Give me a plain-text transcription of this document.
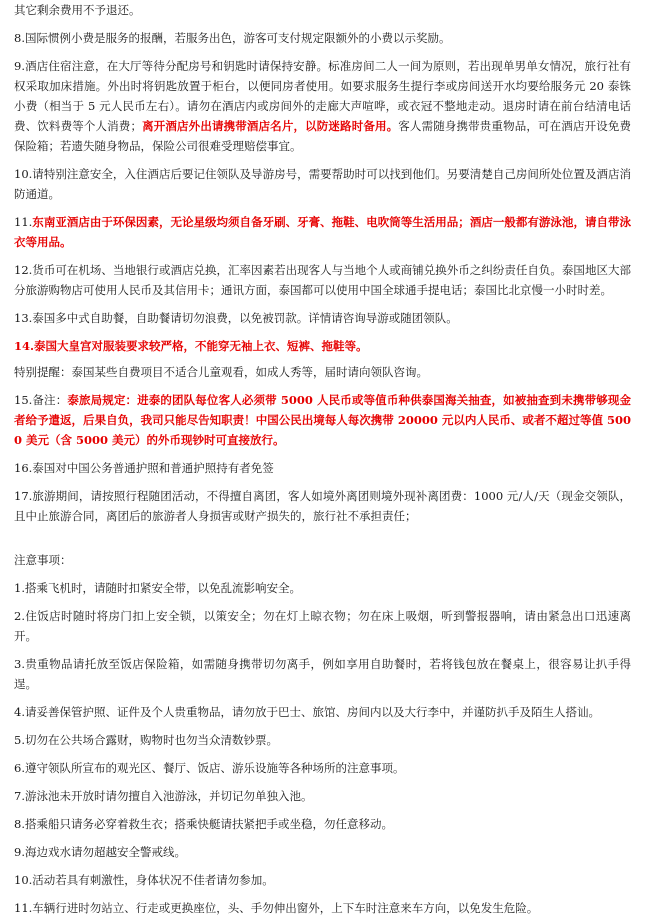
其它剩余费用不予退还。

8.国际惯例小费是服务的报酬，若服务出色，游客可支付规定限额外的小费以示奖励。

9.酒店住宿注意，在大厅等待分配房号和钥匙时请保持安静。标准房间二人一间为原则，若出现单男单女情况，旅行社有权采取加床措施。外出时将钥匙放置于柜台，以便同房者使用。如要求服务生提行李或房间送开水均要给服务元 20 泰铢小费（相当于 5 元人民币左右）。请勿在酒店内或房间外的走廊大声喧哗，或衣冠不整地走动。退房时请在前台结清电话费、饮料费等个人消费；离开酒店外出请携带酒店名片，以防迷路时备用。客人需随身携带贵重物品，可在酒店开设免费保险箱；若遗失随身物品，保险公司很难受理赔偿事宜。

10.请特别注意安全，入住酒店后要记住领队及导游房号，需要帮助时可以找到他们。另要清楚自己房间所处位置及酒店消防通道。

11.东南亚酒店由于环保因素，无论星级均须自备牙刷、牙膏、拖鞋、电吹筒等生活用品；酒店一般都有游泳池，请自带泳衣等用品。

12.货币可在机场、当地银行或酒店兑换，汇率因素若出现客人与当地个人或商铺兑换外币之纠纷责任自负。泰国地区大部分旅游购物店可使用人民币及其信用卡；通讯方面，泰国都可以使用中国全球通手提电话；泰国比北京慢一小时时差。

13.泰国多中式自助餐，自助餐请切勿浪费，以免被罚款。详情请咨询导游或随团领队。

14.泰国大皇宫对服装要求较严格，不能穿无袖上衣、短裤、拖鞋等。

特别提醒：泰国某些自费项目不适合儿童观看，如成人秀等，届时请向领队咨询。

15.备注：泰旅局规定：进泰的团队每位客人必须带 5000 人民币或等值币种供泰国海关抽查，如被抽查到未携带够现金者给予遣返，后果自负，我司只能尽告知职责！中国公民出境每人每次携带 20000 元以内人民币、或者不超过等值 5000 美元（含 5000 美元）的外币现钞时可直接放行。

16.泰国对中国公务普通护照和普通护照持有者免签

17.旅游期间，请按照行程随团活动，不得擅自离团，客人如境外离团则境外现补离团费：1000 元/人/天（现金交领队，且中止旅游合同，离团后的旅游者人身损害或财产损失的，旅行社不承担责任；

注意事项：

1.搭乘飞机时，请随时扣紧安全带，以免乱流影响安全。

2.住饭店时随时将房门扣上安全锁，以策安全；勿在灯上晾衣物；勿在床上吸烟，听到警报器响，请由紧急出口迅速离开。

3.贵重物品请托放至饭店保险箱，如需随身携带切勿离手，例如享用自助餐时，若将钱包放在餐桌上，很容易让扒手得逞。

4.请妥善保管护照、证件及个人贵重物品，请勿放于巴士、旅馆、房间内以及大行李中，并谨防扒手及陌生人搭讪。

5.切勿在公共场合露财，购物时也勿当众清数钞票。

6.遵守领队所宣布的观光区、餐厅、饭店、游乐设施等各种场所的注意事项。

7.游泳池未开放时请勿擅自入池游泳，并切记勿单独入池。

8.搭乘船只请务必穿着救生衣；搭乘快艇请扶紧把手或坐稳，勿任意移动。

9.海边戏水请勿超越安全警戒线。

10.活动若具有刺激性，身体状况不佳者请勿参加。

11.车辆行进时勿站立、行走或更换座位，头、手勿伸出窗外，上下车时注意来车方向，以免发生危险。
